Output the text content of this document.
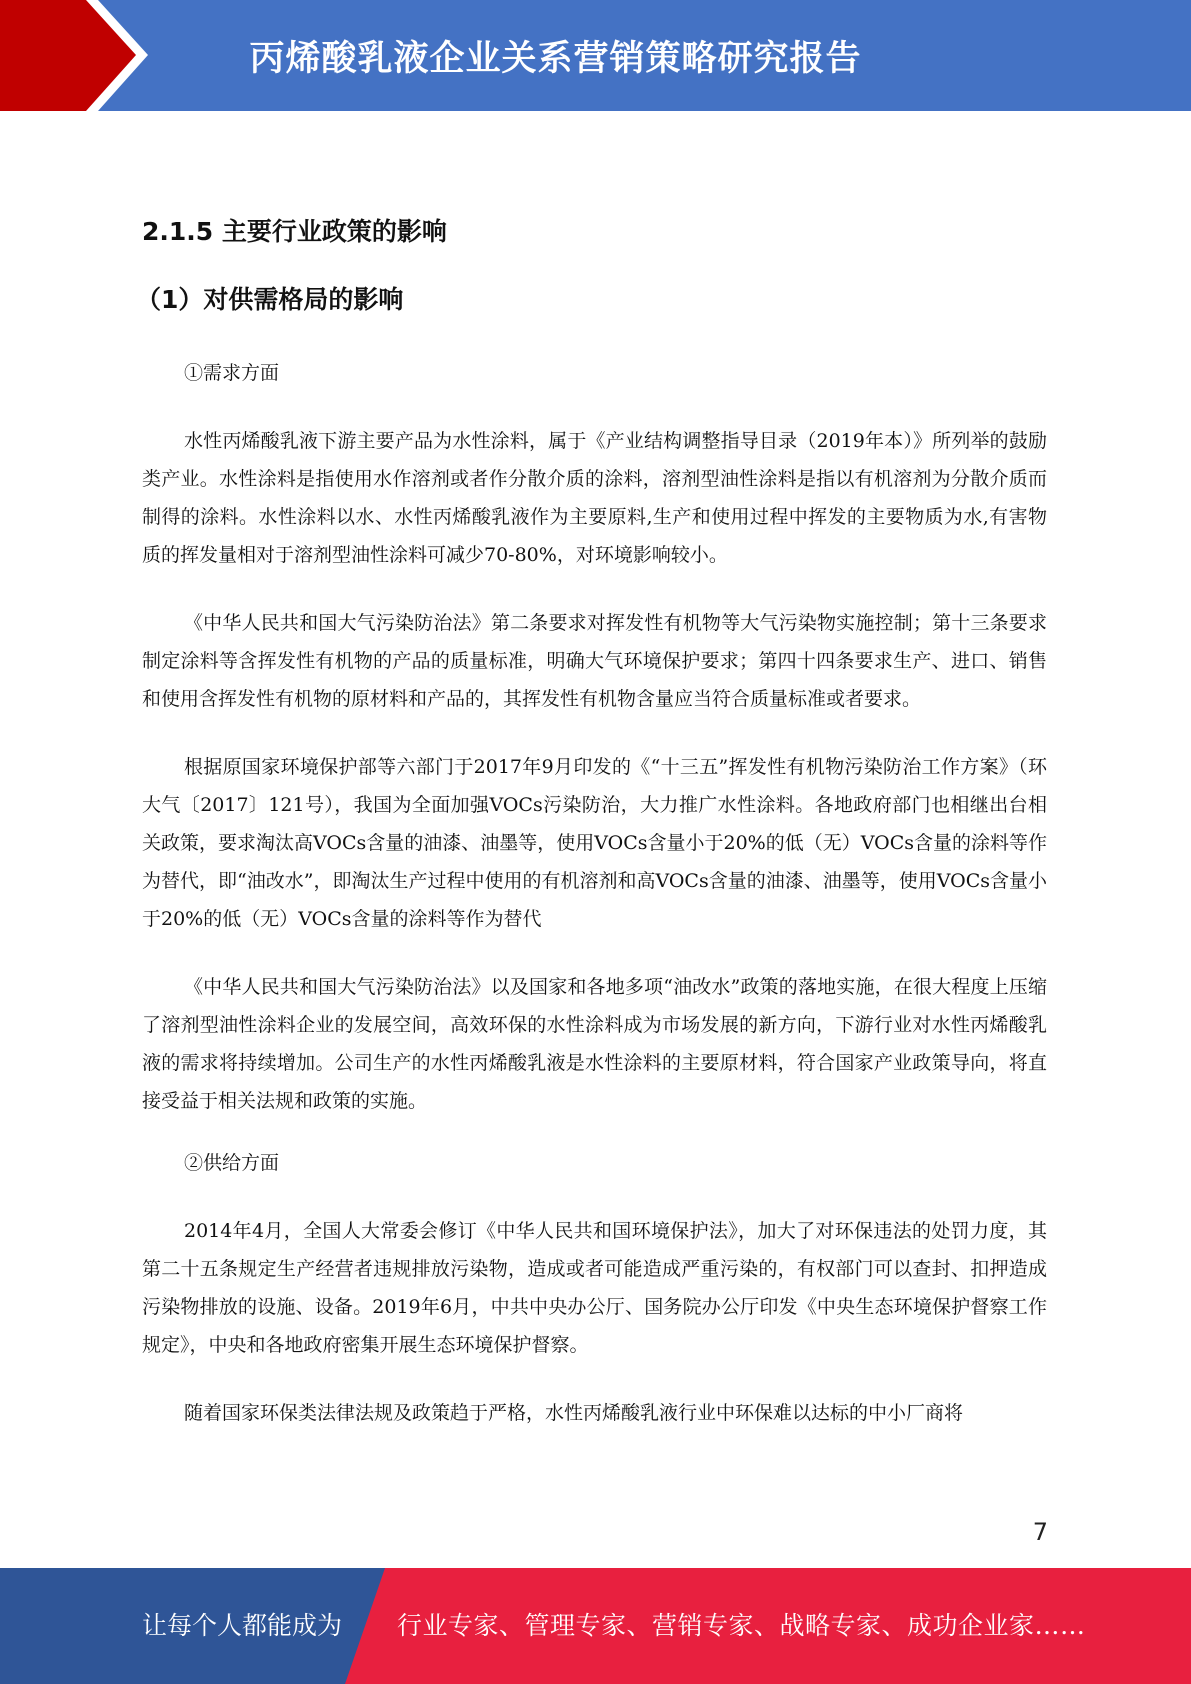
丙烯酸乳液企业关系营销策略研究报告
2.1.5 主要行业政策的影响
（1）对供需格局的影响
①需求方面
水性丙烯酸乳液下游主要产品为水性涂料，属于《产业结构调整指导目录（2019年本）》所列举的鼓励类产业。水性涂料是指使用水作溶剂或者作分散介质的涂料，溶剂型油性涂料是指以有机溶剂为分散介质而制得的涂料。水性涂料以水、水性丙烯酸乳液作为主要原料,生产和使用过程中挥发的主要物质为水,有害物质的挥发量相对于溶剂型油性涂料可减少70-80%，对环境影响较小。
《中华人民共和国大气污染防治法》第二条要求对挥发性有机物等大气污染物实施控制；第十三条要求制定涂料等含挥发性有机物的产品的质量标准，明确大气环境保护要求；第四十四条要求生产、进口、销售和使用含挥发性有机物的原材料和产品的，其挥发性有机物含量应当符合质量标准或者要求。
根据原国家环境保护部等六部门于2017年9月印发的《“十三五”挥发性有机物污染防治工作方案》（环大气〔2017〕121号），我国为全面加强VOCs污染防治，大力推广水性涂料。各地政府部门也相继出台相关政策，要求淘汰高VOCs含量的油漆、油墨等，使用VOCs含量小于20%的低（无）VOCs含量的涂料等作为替代，即“油改水”，即淘汰生产过程中使用的有机溶剂和高VOCs含量的油漆、油墨等，使用VOCs含量小于20%的低（无）VOCs含量的涂料等作为替代
《中华人民共和国大气污染防治法》以及国家和各地多项“油改水”政策的落地实施，在很大程度上压缩了溶剂型油性涂料企业的发展空间，高效环保的水性涂料成为市场发展的新方向，下游行业对水性丙烯酸乳液的需求将持续增加。公司生产的水性丙烯酸乳液是水性涂料的主要原材料，符合国家产业政策导向，将直接受益于相关法规和政策的实施。
②供给方面
2014年4月，全国人大常委会修订《中华人民共和国环境保护法》，加大了对环保违法的处罚力度，其第二十五条规定生产经营者违规排放污染物，造成或者可能造成严重污染的，有权部门可以查封、扣押造成污染物排放的设施、设备。2019年6月，中共中央办公厅、国务院办公厅印发《中央生态环境保护督察工作规定》，中央和各地政府密集开展生态环境保护督察。
随着国家环保类法律法规及政策趋于严格，水性丙烯酸乳液行业中环保难以达标的中小厂商将
7
让每个人都能成为 行业专家、管理专家、营销专家、战略专家、成功企业家……
